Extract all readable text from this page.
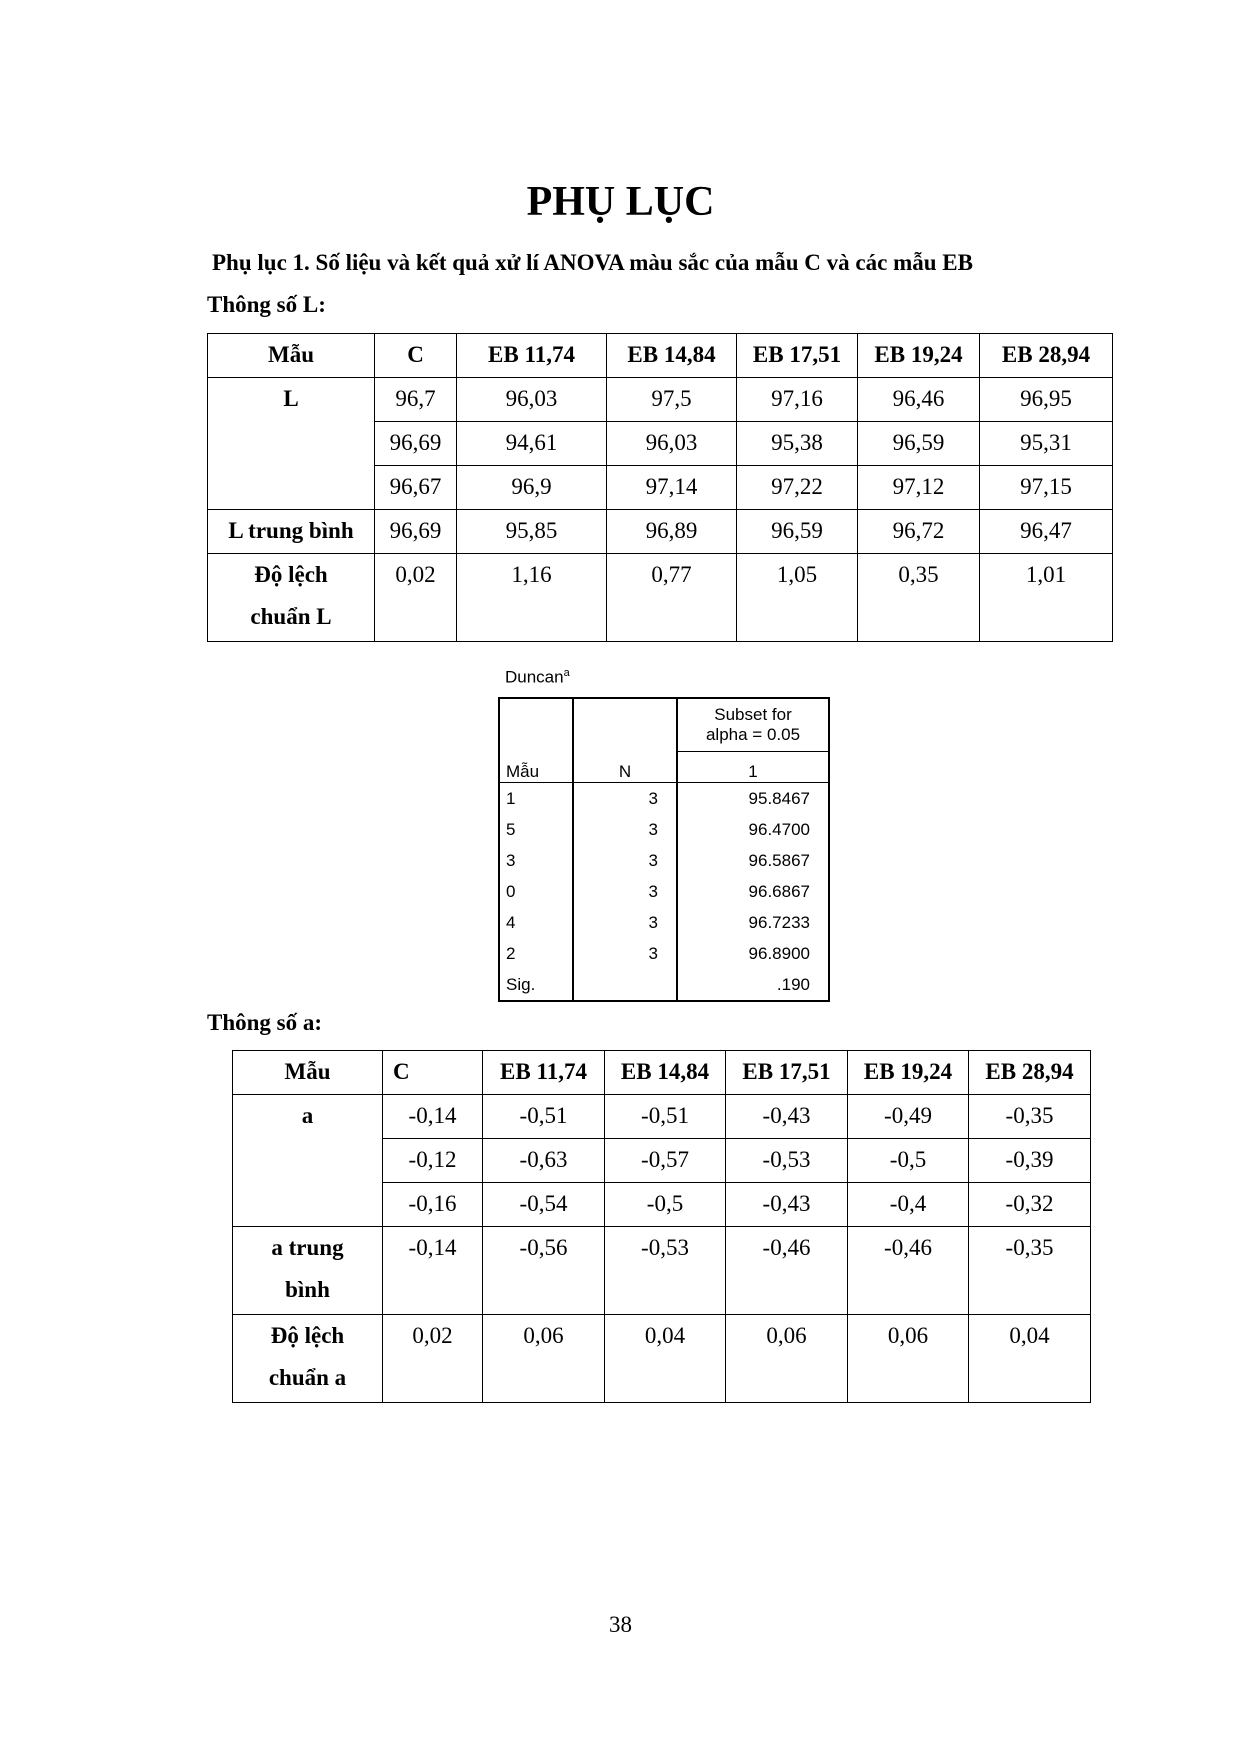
PHỤ LỤC
Phụ lục 1. Số liệu và kết quả xử lí ANOVA màu sắc của mẫu C và các mẫu EB
Thông số L:
Mẫu	C	EB 11,74	EB 14,84	EB 17,51	EB 19,24	EB 28,94
L	96,7	96,03	97,5	97,16	96,46	96,95
	96,69	94,61	96,03	95,38	96,59	95,31
	96,67	96,9	97,14	97,22	97,12	97,15
L trung bình	96,69	95,85	96,89	96,59	96,72	96,47

Độ lệch
chuẩn L	0,02	1,16	0,77	1,05	0,35	1,01
Duncan$^a$
Mẫu	N	Subset for
alpha = 0.05

		1
1	3	95.8467
5	3	96.4700
3	3	96.5867
0	3	96.6867
4	3	96.7233
2	3	96.8900
Sig.		.190
Thông số a:
Mẫu	C	EB 11,74	EB 14,84	EB 17,51	EB 19,24	EB 28,94
a	-0,14	-0,51	-0,51	-0,43	-0,49	-0,35
	-0,12	-0,63	-0,57	-0,53	-0,5	-0,39
	-0,16	-0,54	-0,5	-0,43	-0,4	-0,32

a trung
bình	-0,14	-0,56	-0,53	-0,46	-0,46	-0,35

Độ lệch
chuẩn a	0,02	0,06	0,04	0,06	0,06	0,04
38
